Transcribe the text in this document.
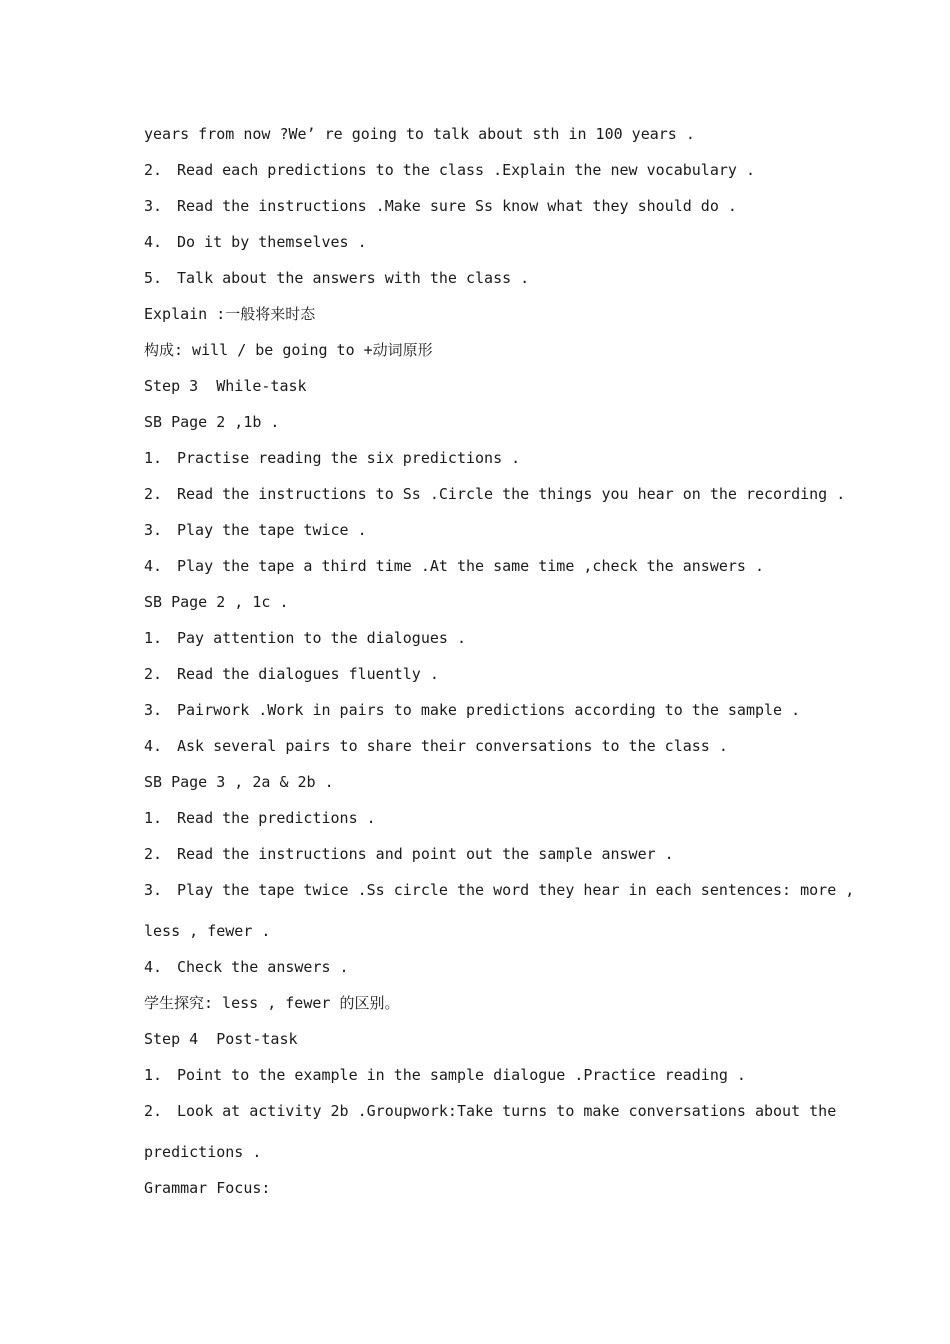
years from now ?We’ re going to talk about sth in 100 years .
2. Read each predictions to the class .Explain the new vocabulary .
3. Read the instructions .Make sure Ss know what they should do .
4. Do it by themselves .
5. Talk about the answers with the class .
Explain :一般将来时态
构成: will / be going to +动词原形
Step 3  While-task
SB Page 2 ,1b .
1. Practise reading the six predictions .
2. Read the instructions to Ss .Circle the things you hear on the recording .
3. Play the tape twice .
4. Play the tape a third time .At the same time ,check the answers .
SB Page 2 , 1c .
1. Pay attention to the dialogues .
2. Read the dialogues fluently .
3. Pairwork .Work in pairs to make predictions according to the sample .
4. Ask several pairs to share their conversations to the class .
SB Page 3 , 2a & 2b .
1. Read the predictions .
2. Read the instructions and point out the sample answer .
3. Play the tape twice .Ss circle the word they hear in each sentences: more ,
less , fewer .
4. Check the answers .
学生探究: less , fewer 的区别。
Step 4  Post-task
1. Point to the example in the sample dialogue .Practice reading .
2. Look at activity 2b .Groupwork:Take turns to make conversations about the
predictions .
Grammar Focus:
